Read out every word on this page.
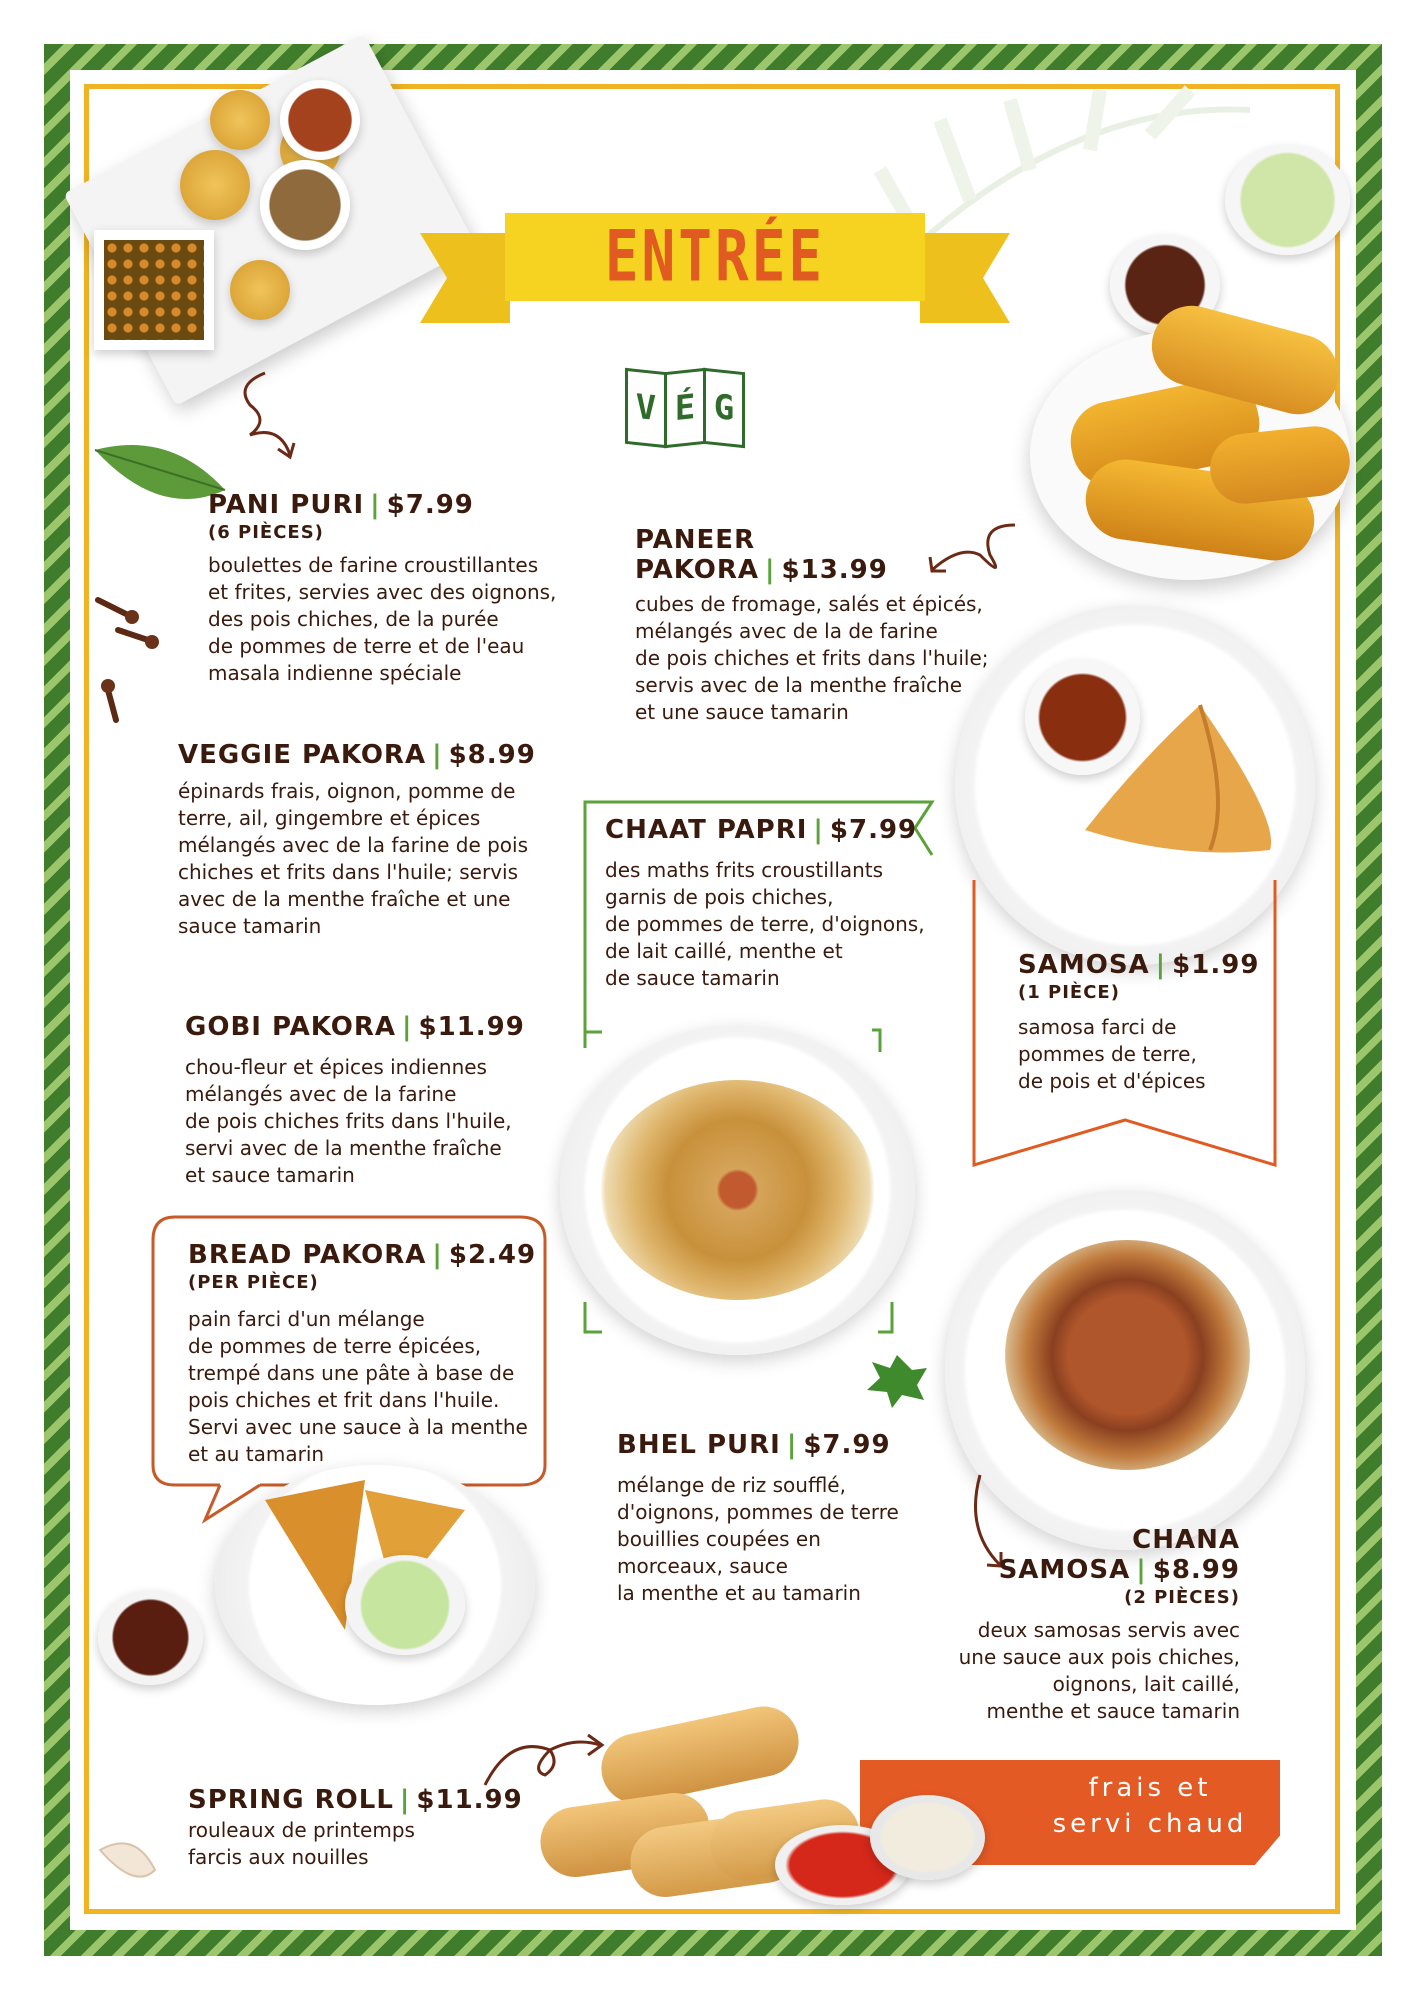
ENTRÉE
V É G
PANI PURI | $7.99
(6 PIÈCES)
boulettes de farine croustillantes
et frites, servies avec des oignons,
des pois chiches, de la purée
de pommes de terre et de l'eau
masala indienne spéciale
PANEER
PAKORA | $13.99
cubes de fromage, salés et épicés,
mélangés avec de la de farine
de pois chiches et frits dans l'huile;
servis avec de la menthe fraîche
et une sauce tamarin
VEGGIE PAKORA | $8.99
épinards frais, oignon, pomme de
terre, ail, gingembre et épices
mélangés avec de la farine de pois
chiches et frits dans l'huile; servis
avec de la menthe fraîche et une
sauce tamarin
CHAAT PAPRI | $7.99
des maths frits croustillants
garnis de pois chiches,
de pommes de terre, d'oignons,
de lait caillé, menthe et
de sauce tamarin	SAMOSA | $1.99
(1 PIÈCE)
samosa farci de
pommes de terre,
de pois et d'épices
GOBI PAKORA | $11.99
chou-fleur et épices indiennes
mélangés avec de la farine
de pois chiches frits dans l'huile,
servi avec de la menthe fraîche
et sauce tamarin
BREAD PAKORA | $2.49
(PER PIÈCE)
pain farci d'un mélange
de pommes de terre épicées,
trempé dans une pâte à base de
pois chiches et frit dans l'huile.
Servi avec une sauce à la menthe
et au tamarin	BHEL PURI | $7.99
mélange de riz soufflé,
d'oignons, pommes de terre
bouillies coupées en
morceaux, sauce
la menthe et au tamarin
CHANA
SAMOSA | $8.99
(2 PIÈCES)
deux samosas servis avec
une sauce aux pois chiches,
oignons, lait caillé,
menthe et sauce tamarin
frais et
servi chaud
SPRING ROLL | $11.99
rouleaux de printemps
farcis aux nouilles
